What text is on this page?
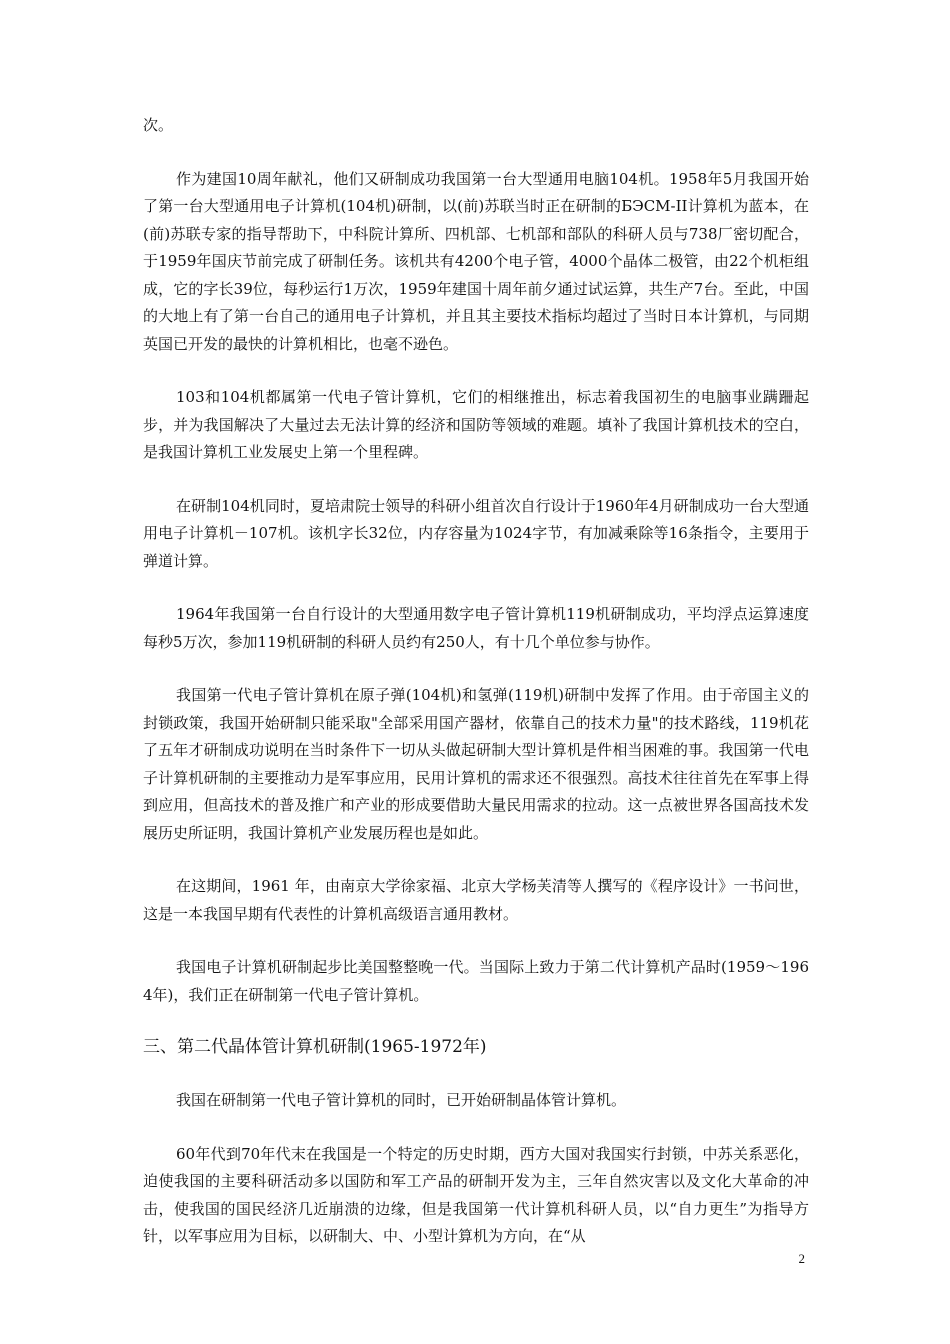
次。

作为建国10周年献礼，他们又研制成功我国第一台大型通用电脑104机。1958年5月我国开始了第一台大型通用电子计算机(104机)研制，以(前)苏联当时正在研制的БЭСМ-II计算机为蓝本，在(前)苏联专家的指导帮助下，中科院计算所、四机部、七机部和部队的科研人员与738厂密切配合，于1959年国庆节前完成了研制任务。该机共有4200个电子管，4000个晶体二极管，由22个机柜组成，它的字长39位，每秒运行1万次，1959年建国十周年前夕通过试运算，共生产7台。至此，中国的大地上有了第一台自己的通用电子计算机，并且其主要技术指标均超过了当时日本计算机，与同期英国已开发的最快的计算机相比，也毫不逊色。

103和104机都属第一代电子管计算机，它们的相继推出，标志着我国初生的电脑事业蹒跚起步，并为我国解决了大量过去无法计算的经济和国防等领域的难题。填补了我国计算机技术的空白，是我国计算机工业发展史上第一个里程碑。

在研制104机同时，夏培肃院士领导的科研小组首次自行设计于1960年4月研制成功一台大型通用电子计算机－107机。该机字长32位，内存容量为1024字节，有加减乘除等16条指令，主要用于弹道计算。

1964年我国第一台自行设计的大型通用数字电子管计算机119机研制成功，平均浮点运算速度每秒5万次，参加119机研制的科研人员约有250人，有十几个单位参与协作。

我国第一代电子管计算机在原子弹(104机)和氢弹(119机)研制中发挥了作用。由于帝国主义的封锁政策，我国开始研制只能采取"全部采用国产器材，依靠自己的技术力量"的技术路线，119机花了五年才研制成功说明在当时条件下一切从头做起研制大型计算机是件相当困难的事。我国第一代电子计算机研制的主要推动力是军事应用，民用计算机的需求还不很强烈。高技术往往首先在军事上得到应用，但高技术的普及推广和产业的形成要借助大量民用需求的拉动。这一点被世界各国高技术发展历史所证明，我国计算机产业发展历程也是如此。

在这期间，1961 年，由南京大学徐家福、北京大学杨芙清等人撰写的《程序设计》一书问世，这是一本我国早期有代表性的计算机高级语言通用教材。

我国电子计算机研制起步比美国整整晚一代。当国际上致力于第二代计算机产品时(1959～1964年)，我们正在研制第一代电子管计算机。

三、第二代晶体管计算机研制(1965-1972年)

我国在研制第一代电子管计算机的同时，已开始研制晶体管计算机。

60年代到70年代末在我国是一个特定的历史时期，西方大国对我国实行封锁，中苏关系恶化，迫使我国的主要科研活动多以国防和军工产品的研制开发为主，三年自然灾害以及文化大革命的冲击，使我国的国民经济几近崩溃的边缘，但是我国第一代计算机科研人员，以“自力更生”为指导方针，以军事应用为目标，以研制大、中、小型计算机为方向，在“从

2
